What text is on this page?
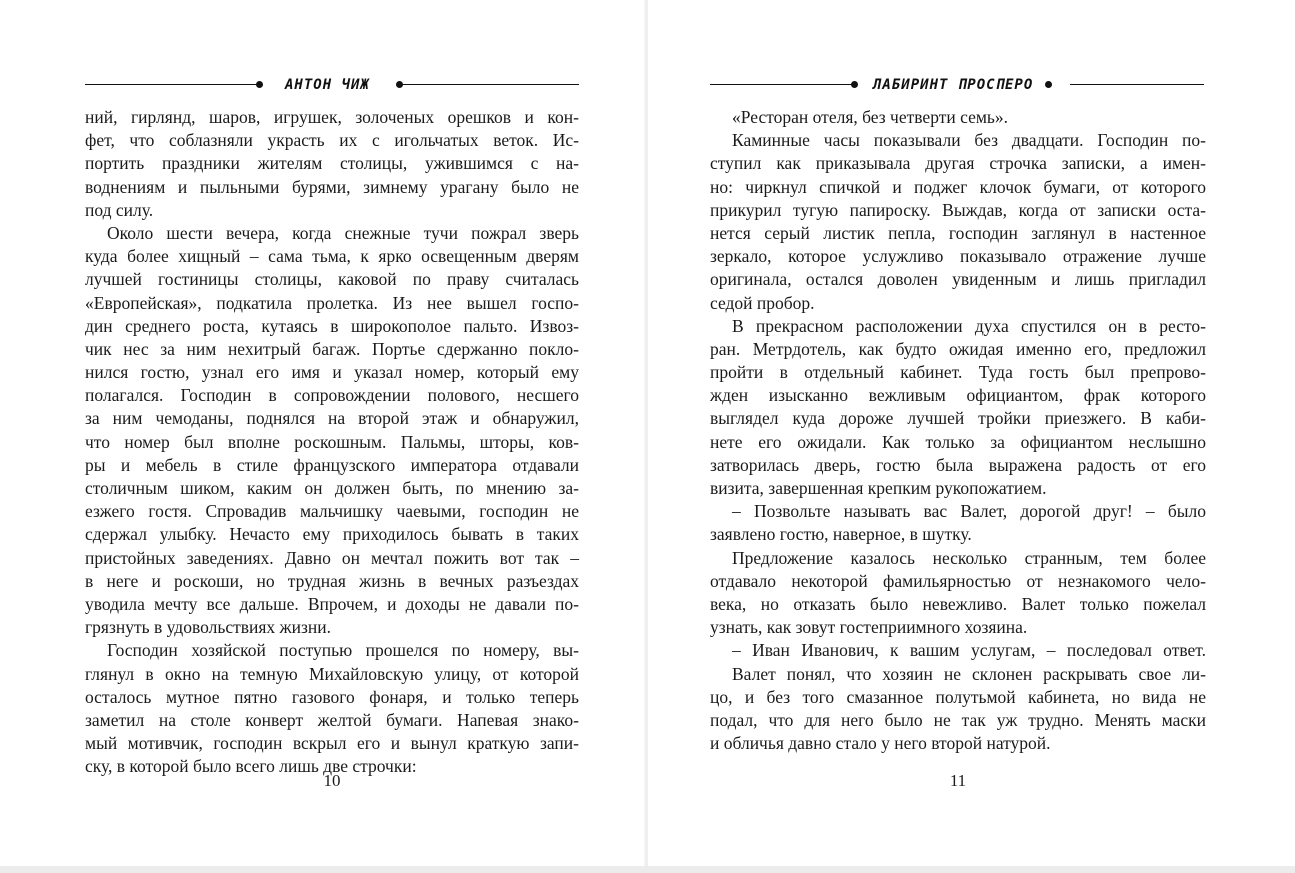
АНТОН ЧИЖ
ний, гирлянд, шаров, игрушек, золоченых орешков и кон-
фет, что соблазняли украсть их с игольчатых веток. Ис-
портить праздники жителям столицы, ужившимся с на-
воднениям и пыльными бурями, зимнему урагану было не
под силу.
Около шести вечера, когда снежные тучи пожрал зверь
куда более хищный – сама тьма, к ярко освещенным дверям
лучшей гостиницы столицы, каковой по праву считалась
«Европейская», подкатила пролетка. Из нее вышел госпо-
дин среднего роста, кутаясь в широкополое пальто. Извоз-
чик нес за ним нехитрый багаж. Портье сдержанно покло-
нился гостю, узнал его имя и указал номер, который ему
полагался. Господин в сопровождении полового, несшего
за ним чемоданы, поднялся на второй этаж и обнаружил,
что номер был вполне роскошным. Пальмы, шторы, ков-
ры и мебель в стиле французского императора отдавали
столичным шиком, каким он должен быть, по мнению за-
езжего гостя. Спровадив мальчишку чаевыми, господин не
сдержал улыбку. Нечасто ему приходилось бывать в таких
пристойных заведениях. Давно он мечтал пожить вот так –
в неге и роскоши, но трудная жизнь в вечных разъездах
уводила мечту все дальше. Впрочем, и доходы не давали по-
грязнуть в удовольствиях жизни.
Господин хозяйской поступью прошелся по номеру, вы-
глянул в окно на темную Михайловскую улицу, от которой
осталось мутное пятно газового фонаря, и только теперь
заметил на столе конверт желтой бумаги. Напевая знако-
мый мотивчик, господин вскрыл его и вынул краткую запи-
ску, в которой было всего лишь две строчки:
10
ЛАБИРИНТ ПРОСПЕРО
«Ресторан отеля, без четверти семь».
Каминные часы показывали без двадцати. Господин по-
ступил как приказывала другая строчка записки, а имен-
но: чиркнул спичкой и поджег клочок бумаги, от которого
прикурил тугую папироску. Выждав, когда от записки оста-
нется серый листик пепла, господин заглянул в настенное
зеркало, которое услужливо показывало отражение лучше
оригинала, остался доволен увиденным и лишь пригладил
седой пробор.
В прекрасном расположении духа спустился он в ресто-
ран. Метрдотель, как будто ожидая именно его, предложил
пройти в отдельный кабинет. Туда гость был препрово-
жден изысканно вежливым официантом, фрак которого
выглядел куда дороже лучшей тройки приезжего. В каби-
нете его ожидали. Как только за официантом неслышно
затворилась дверь, гостю была выражена радость от его
визита, завершенная крепким рукопожатием.
– Позвольте называть вас Валет, дорогой друг! – было
заявлено гостю, наверное, в шутку.
Предложение казалось несколько странным, тем более
отдавало некоторой фамильярностью от незнакомого чело-
века, но отказать было невежливо. Валет только пожелал
узнать, как зовут гостеприимного хозяина.
– Иван Иванович, к вашим услугам, – последовал ответ.
Валет понял, что хозяин не склонен раскрывать свое ли-
цо, и без того смазанное полутьмой кабинета, но вида не
подал, что для него было не так уж трудно. Менять маски
и обличья давно стало у него второй натурой.
11
